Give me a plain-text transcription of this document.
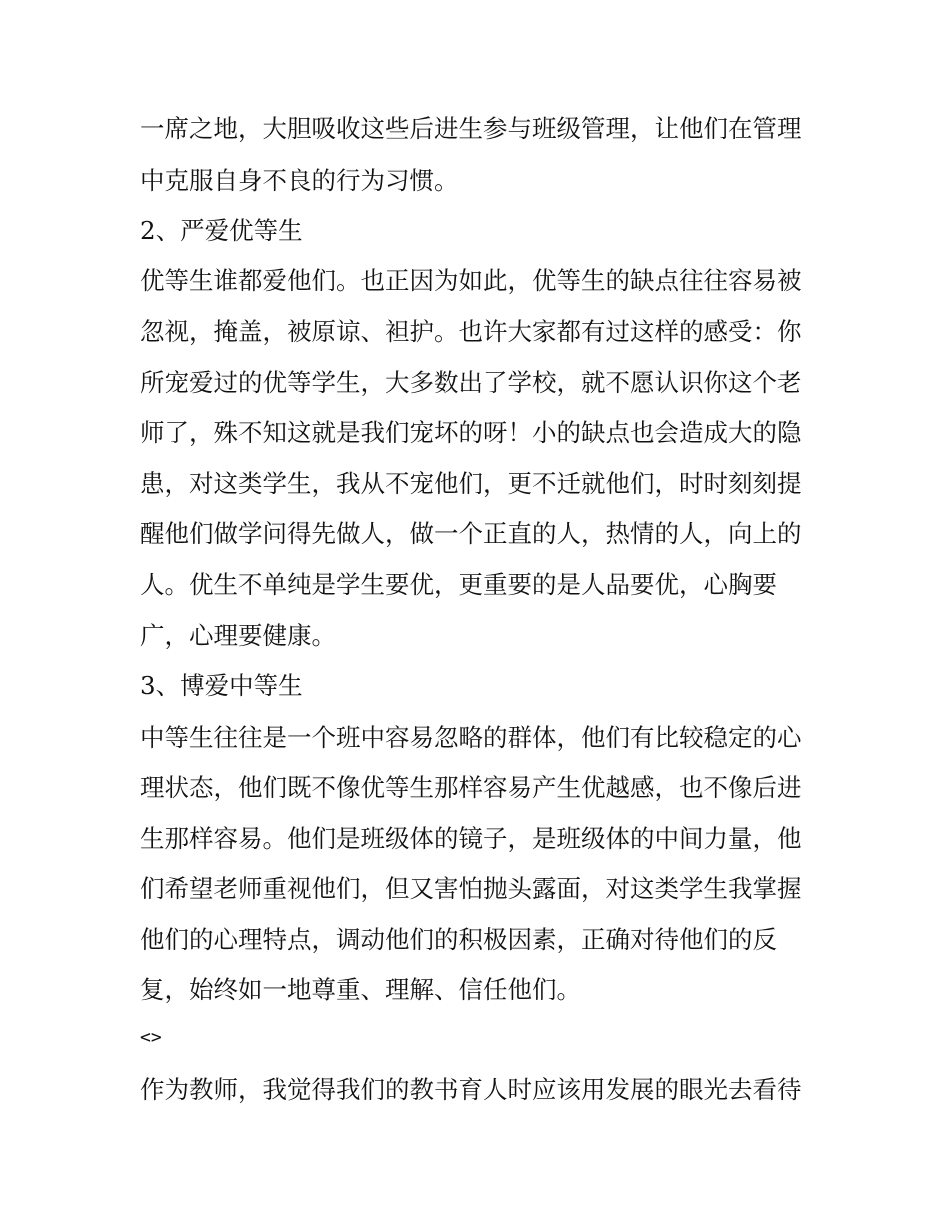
一席之地，大胆吸收这些后进生参与班级管理，让他们在管理
中克服自身不良的行为习惯。
2、严爱优等生
优等生谁都爱他们。也正因为如此，优等生的缺点往往容易被
忽视，掩盖，被原谅、袒护。也许大家都有过这样的感受：你
所宠爱过的优等学生，大多数出了学校，就不愿认识你这个老
师了，殊不知这就是我们宠坏的呀！小的缺点也会造成大的隐
患，对这类学生，我从不宠他们，更不迁就他们，时时刻刻提
醒他们做学问得先做人，做一个正直的人，热情的人，向上的
人。优生不单纯是学生要优，更重要的是人品要优，心胸要
广，心理要健康。
3、博爱中等生
中等生往往是一个班中容易忽略的群体，他们有比较稳定的心
理状态，他们既不像优等生那样容易产生优越感，也不像后进
生那样容易。他们是班级体的镜子，是班级体的中间力量，他
们希望老师重视他们，但又害怕抛头露面，对这类学生我掌握
他们的心理特点，调动他们的积极因素，正确对待他们的反
复，始终如一地尊重、理解、信任他们。
<>
作为教师，我觉得我们的教书育人时应该用发展的眼光去看待
